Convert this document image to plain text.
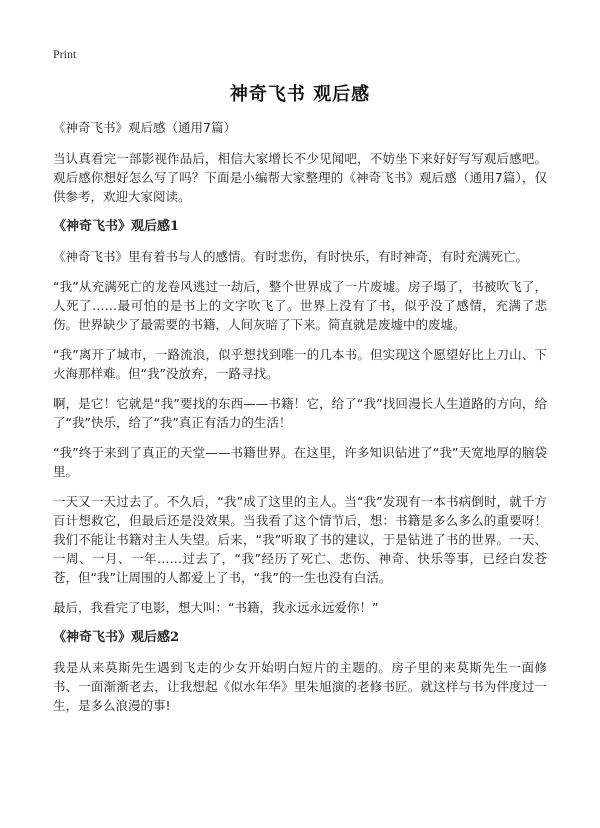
Print
神奇飞书 观后感
《神奇飞书》观后感（通用7篇）

当认真看完一部影视作品后，相信大家增长不少见闻吧，不妨坐下来好好写写观后感吧。观后感你想好怎么写了吗？下面是小编帮大家整理的《神奇飞书》观后感（通用7篇），仅供参考，欢迎大家阅读。

《神奇飞书》观后感1

《神奇飞书》里有着书与人的感情。有时悲伤，有时快乐，有时神奇，有时充满死亡。

“我”从充满死亡的龙卷风逃过一劫后，整个世界成了一片废墟。房子塌了，书被吹飞了，人死了……最可怕的是书上的文字吹飞了。世界上没有了书，似乎没了感情，充满了悲伤。世界缺少了最需要的书籍，人间灰暗了下来。简直就是废墟中的废墟。

“我”离开了城市，一路流浪，似乎想找到唯一的几本书。但实现这个愿望好比上刀山、下火海那样难。但“我”没放弃，一路寻找。

啊，是它！它就是“我”要找的东西——书籍！它，给了“我”找回漫长人生道路的方向，给了“我”快乐，给了“我”真正有活力的生活！

“我”终于来到了真正的天堂——书籍世界。在这里，许多知识钻进了“我”天宽地厚的脑袋里。

一天又一天过去了。不久后，“我”成了这里的主人。当“我”发现有一本书病倒时，就千方百计想救它，但最后还是没效果。当我看了这个情节后，想：书籍是多么多么的重要呀！我们不能让书籍对主人失望。后来，“我”听取了书的建议，于是钻进了书的世界。一天、一周、一月、一年……过去了，“我”经历了死亡、悲伤、神奇、快乐等事，已经白发苍苍，但“我”让周围的人都爱上了书，“我”的一生也没有白活。

最后，我看完了电影，想大叫：“书籍，我永远永远爱你！”

《神奇飞书》观后感2

我是从来莫斯先生遇到飞走的少女开始明白短片的主题的。房子里的来莫斯先生一面修书、一面渐渐老去，让我想起《似水年华》里朱旭演的老修书匠。就这样与书为伴度过一生，是多么浪漫的事!
